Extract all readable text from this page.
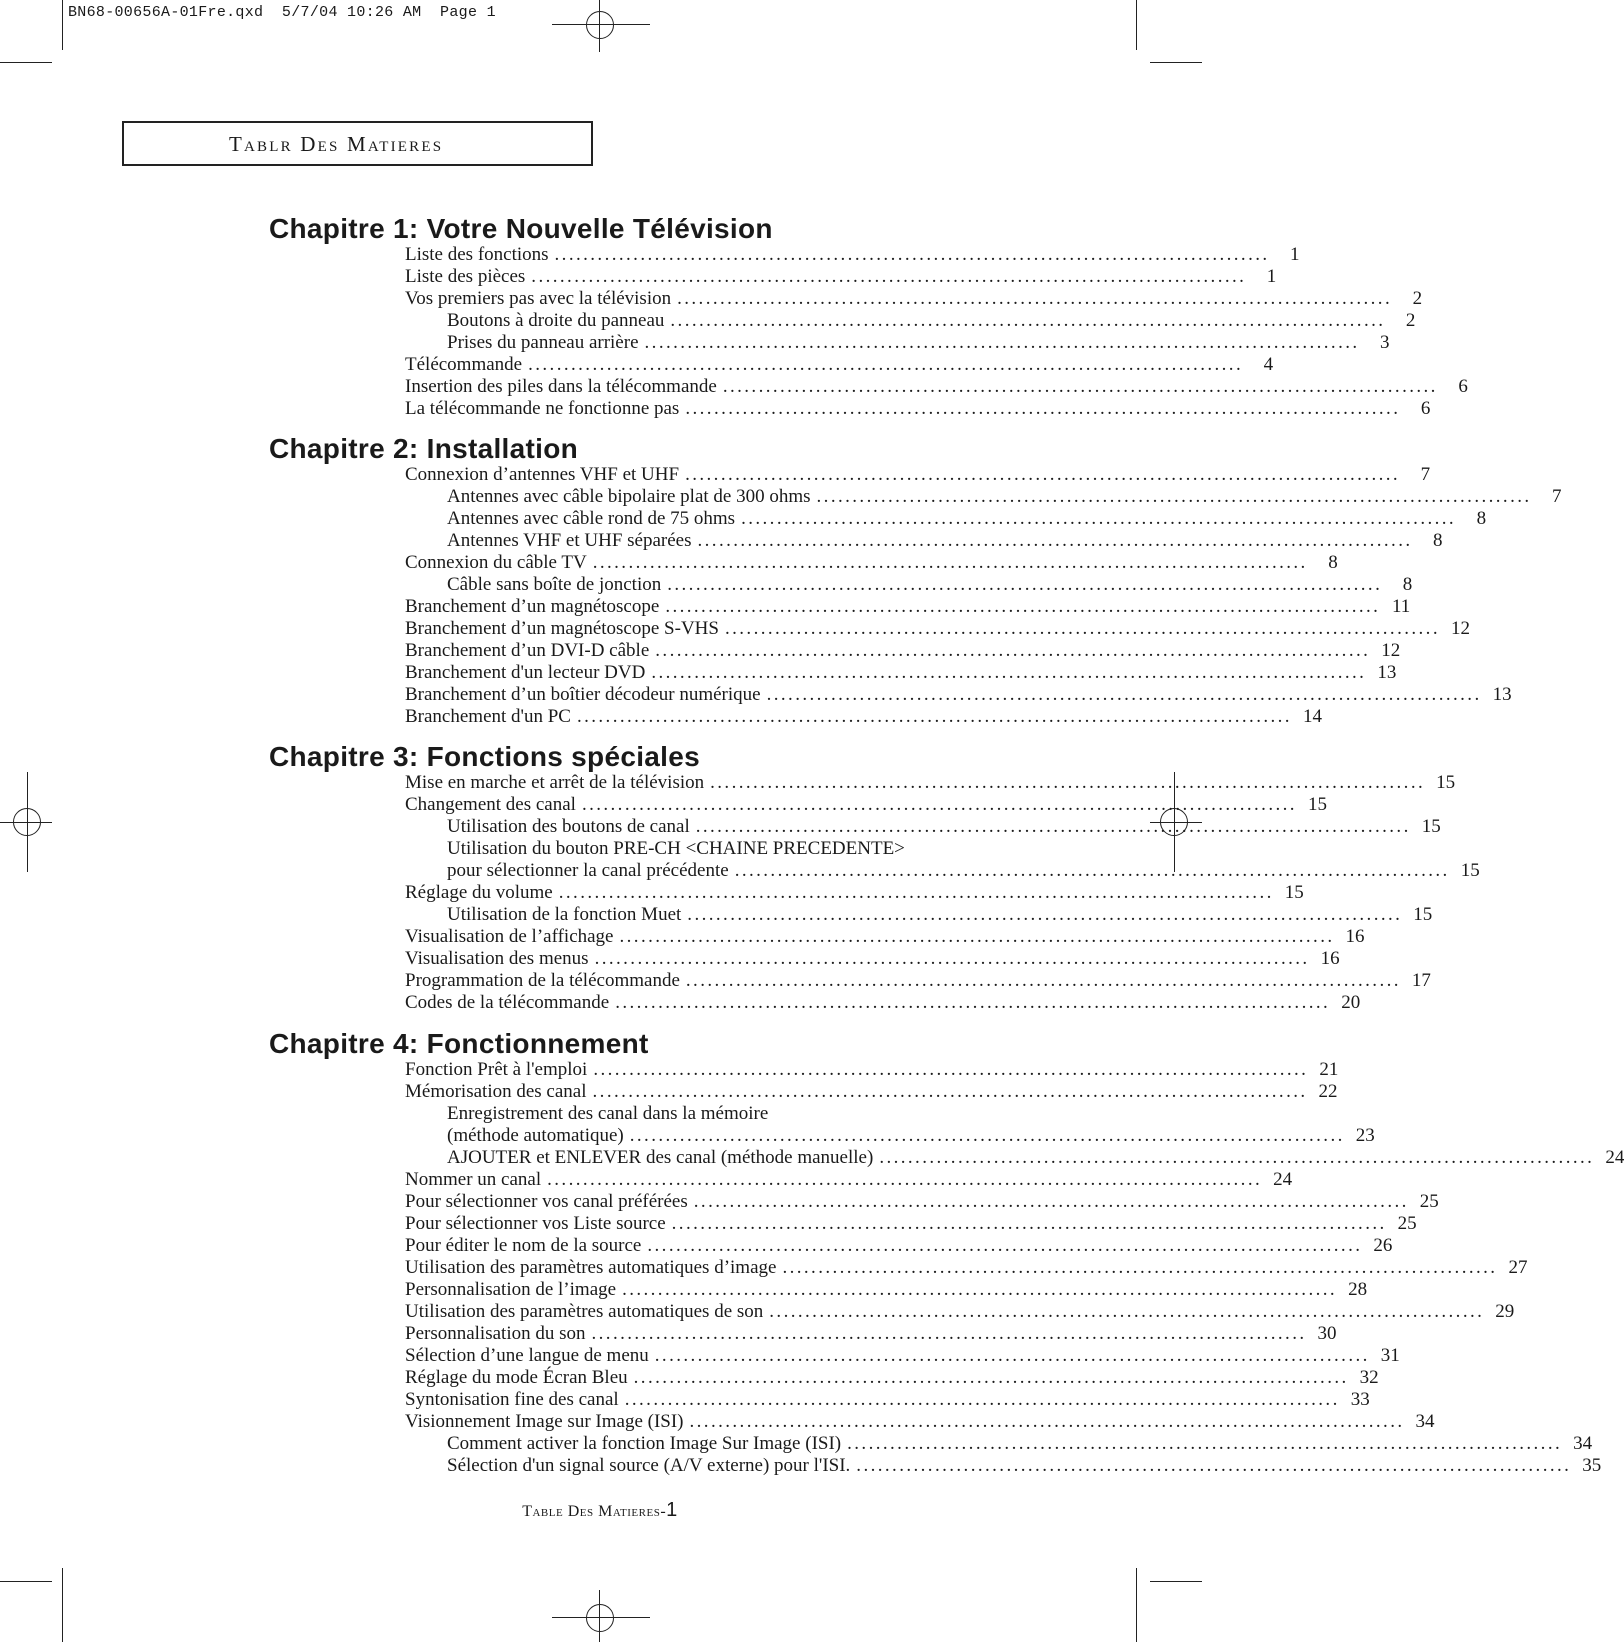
BN68-00656A-01Fre.qxd  5/7/04 10:26 AM  Page 1
Tablr Des Matieres
Chapitre 1: Votre Nouvelle Télévision
Liste des fonctions ....................................................................................................	1
Liste des pièces ....................................................................................................	1
Vos premiers pas avec la télévision ....................................................................................................	2
Boutons à droite du panneau ....................................................................................................	2
Prises du panneau arrière ....................................................................................................	3
Télécommande ....................................................................................................	4
Insertion des piles dans la télécommande ....................................................................................................	6
La télécommande ne fonctionne pas ....................................................................................................	6
Chapitre 2: Installation
Connexion d’antennes VHF et UHF ....................................................................................................	7
Antennes avec câble bipolaire plat de 300 ohms ....................................................................................................	7
Antennes avec câble rond de 75 ohms ....................................................................................................	8
Antennes VHF et UHF séparées ....................................................................................................	8
Connexion du câble TV ....................................................................................................	8
Câble sans boîte de jonction ....................................................................................................	8
Branchement d’un magnétoscope .................................................................................................... 11
Branchement d’un magnétoscope S-VHS .................................................................................................... 12
Branchement d’un DVI-D câble .................................................................................................... 12
Branchement d'un lecteur DVD .................................................................................................... 13
Branchement d’un boîtier décodeur numérique .................................................................................................... 13
Branchement d'un PC .................................................................................................... 14
Chapitre 3: Fonctions spéciales
Mise en marche et arrêt de la télévision .................................................................................................... 15
Changement des canal .................................................................................................... 15
Utilisation des boutons de canal .................................................................................................... 15
Utilisation du bouton PRE-CH <CHAINE PRECEDENTE>
pour sélectionner la canal précédente .................................................................................................... 15
Réglage du volume .................................................................................................... 15
Utilisation de la fonction Muet .................................................................................................... 15
Visualisation de l’affichage .................................................................................................... 16
Visualisation des menus .................................................................................................... 16
Programmation de la télécommande .................................................................................................... 17
Codes de la télécommande .................................................................................................... 20
Chapitre 4: Fonctionnement
Fonction Prêt à l'emploi .................................................................................................... 21
Mémorisation des canal .................................................................................................... 22
Enregistrement des canal dans la mémoire
(méthode automatique) .................................................................................................... 23
AJOUTER et ENLEVER des canal (méthode manuelle) .................................................................................................... 24
Nommer un canal .................................................................................................... 24
Pour sélectionner vos canal préférées .................................................................................................... 25
Pour sélectionner vos Liste source .................................................................................................... 25
Pour éditer le nom de la source .................................................................................................... 26
Utilisation des paramètres automatiques d’image .................................................................................................... 27
Personnalisation de l’image .................................................................................................... 28
Utilisation des paramètres automatiques de son .................................................................................................... 29
Personnalisation du son .................................................................................................... 30
Sélection d’une langue de menu .................................................................................................... 31
Réglage du mode Écran Bleu .................................................................................................... 32
Syntonisation fine des canal .................................................................................................... 33
Visionnement Image sur Image (ISI) .................................................................................................... 34
Comment activer la fonction Image Sur Image (ISI) .................................................................................................... 34
Sélection d'un signal source (A/V externe) pour l'ISI. .................................................................................................... 35
Table Des Matieres-1
